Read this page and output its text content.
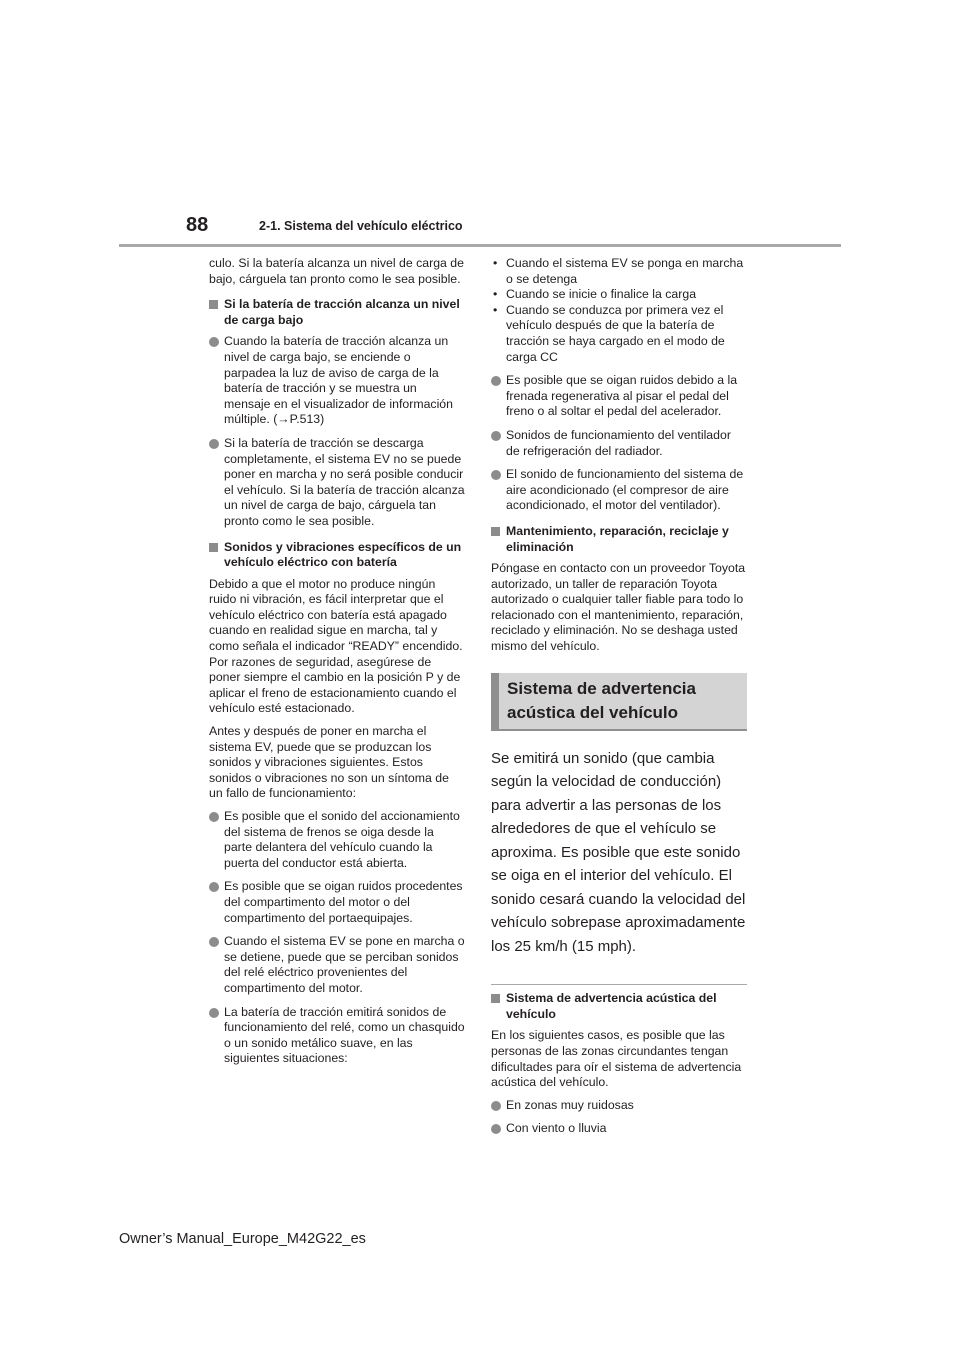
88	2-1. Sistema del vehículo eléctrico

culo. Si la batería alcanza un nivel de carga de bajo, cárguela tan pronto como le sea posible.

Si la batería de tracción alcanza un nivel de carga bajo
Cuando la batería de tracción alcanza un nivel de carga bajo, se enciende o parpadea la luz de aviso de carga de la batería de tracción y se muestra un mensaje en el visualizador de información múltiple. (→P.513)
Si la batería de tracción se descarga completamente, el sistema EV no se puede poner en marcha y no será posible conducir el vehículo. Si la batería de tracción alcanza un nivel de carga de bajo, cárguela tan pronto como le sea posible.
Sonidos y vibraciones específicos de un vehículo eléctrico con batería

Debido a que el motor no produce ningún ruido ni vibración, es fácil interpretar que el vehículo eléctrico con batería está apagado cuando en realidad sigue en marcha, tal y como señala el indicador “READY” encendido. Por razones de seguridad, asegúrese de poner siempre el cambio en la posición P y de aplicar el freno de estacionamiento cuando el vehículo esté estacionado.

Antes y después de poner en marcha el sistema EV, puede que se produzcan los sonidos y vibraciones siguientes. Estos sonidos o vibraciones no son un síntoma de un fallo de funcionamiento:

Es posible que el sonido del accionamiento del sistema de frenos se oiga desde la parte delantera del vehículo cuando la puerta del conductor está abierta.
Es posible que se oigan ruidos procedentes del compartimento del motor o del compartimento del portaequipajes.
Cuando el sistema EV se pone en marcha o se detiene, puede que se perciban sonidos del relé eléctrico provenientes del compartimento del motor.
La batería de tracción emitirá sonidos de funcionamiento del relé, como un chasquido o un sonido metálico suave, en las siguientes situaciones:
• Cuando el sistema EV se ponga en marcha o se detenga
• Cuando se inicie o finalice la carga
• Cuando se conduzca por primera vez el vehículo después de que la batería de tracción se haya cargado en el modo de carga CC
Es posible que se oigan ruidos debido a la frenada regenerativa al pisar el pedal del freno o al soltar el pedal del acelerador.
Sonidos de funcionamiento del ventilador de refrigeración del radiador.
El sonido de funcionamiento del sistema de aire acondicionado (el compresor de aire acondicionado, el motor del ventilador).
Mantenimiento, reparación, reciclaje y eliminación

Póngase en contacto con un proveedor Toyota autorizado, un taller de reparación Toyota autorizado o cualquier taller fiable para todo lo relacionado con el mantenimiento, reparación, reciclado y eliminación. No se deshaga usted mismo del vehículo.

Sistema de advertencia acústica del vehículo

Se emitirá un sonido (que cambia según la velocidad de conducción) para advertir a las personas de los alrededores de que el vehículo se aproxima. Es posible que este sonido se oiga en el interior del vehículo. El sonido cesará cuando la velocidad del vehículo sobrepase aproximadamente los 25 km/h (15 mph).

Sistema de advertencia acústica del vehículo

En los siguientes casos, es posible que las personas de las zonas circundantes tengan dificultades para oír el sistema de advertencia acústica del vehículo.

En zonas muy ruidosas
Con viento o lluvia
Owner’s Manual_Europe_M42G22_es
